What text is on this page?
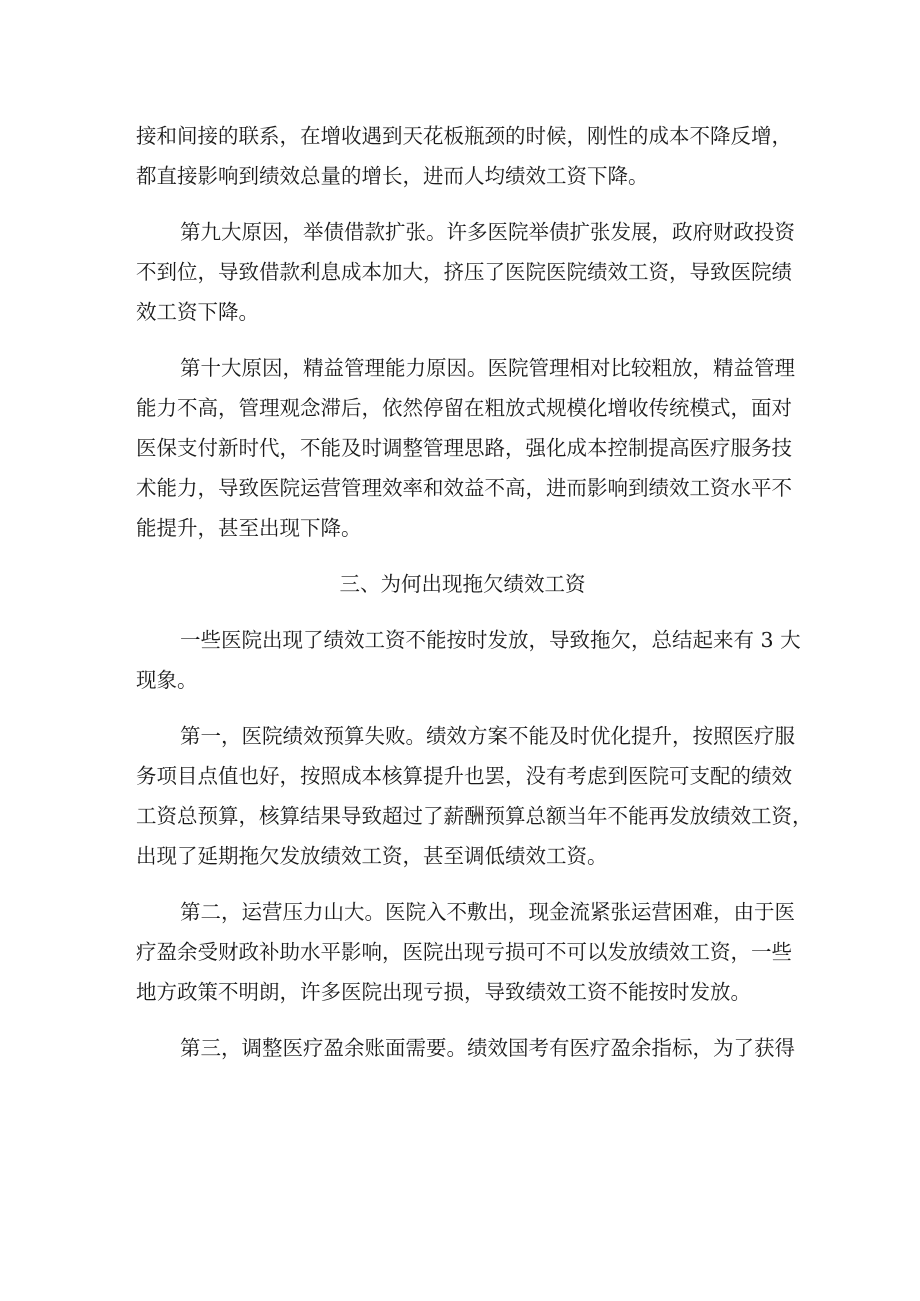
接和间接的联系，在增收遇到天花板瓶颈的时候，刚性的成本不降反增，
都直接影响到绩效总量的增长，进而人均绩效工资下降。
第九大原因，举债借款扩张。许多医院举债扩张发展，政府财政投资
不到位，导致借款利息成本加大，挤压了医院医院绩效工资，导致医院绩
效工资下降。
第十大原因，精益管理能力原因。医院管理相对比较粗放，精益管理
能力不高，管理观念滞后，依然停留在粗放式规模化增收传统模式，面对
医保支付新时代，不能及时调整管理思路，强化成本控制提高医疗服务技
术能力，导致医院运营管理效率和效益不高，进而影响到绩效工资水平不
能提升，甚至出现下降。
三、为何出现拖欠绩效工资
一些医院出现了绩效工资不能按时发放，导致拖欠，总结起来有 3 大
现象。
第一，医院绩效预算失败。绩效方案不能及时优化提升，按照医疗服
务项目点值也好，按照成本核算提升也罢，没有考虑到医院可支配的绩效
工资总预算，核算结果导致超过了薪酬预算总额当年不能再发放绩效工资，
出现了延期拖欠发放绩效工资，甚至调低绩效工资。
第二，运营压力山大。医院入不敷出，现金流紧张运营困难，由于医
疗盈余受财政补助水平影响，医院出现亏损可不可以发放绩效工资，一些
地方政策不明朗，许多医院出现亏损，导致绩效工资不能按时发放。
第三，调整医疗盈余账面需要。绩效国考有医疗盈余指标，为了获得
